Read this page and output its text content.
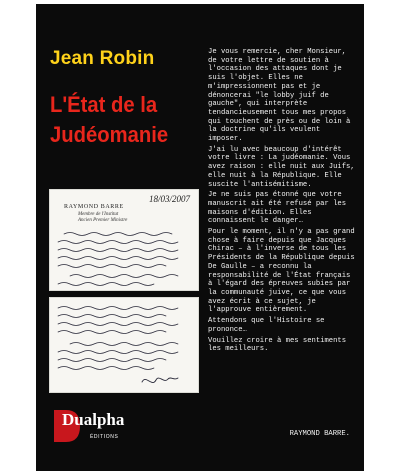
Jean Robin
L'État de la
Judéomanie
18/03/2007
RAYMOND BARRE
Membre de l'Institut
Ancien Premier Ministre
Dualpha
ÉDITIONS

Je vous remercie, cher Monsieur, de votre lettre de soutien à l'occasion des attaques dont je suis l'objet. Elles ne m'impressionnent pas et je dénoncerai "le lobby juif de gauche", qui interprète tendancieusement tous mes propos qui touchent de près ou de loin à la doctrine qu'ils veulent imposer.

J'ai lu avec beaucoup d'intérêt votre livre : La judéomanie. Vous avez raison : elle nuit aux Juifs, elle nuit à la République. Elle suscite l'antisémitisme.

Je ne suis pas étonné que votre manuscrit ait été refusé par les maisons d'édition. Elles connaissent le danger…

Pour le moment, il n'y a pas grand chose à faire depuis que Jacques Chirac – à l'inverse de tous les Présidents de la République depuis De Gaulle – a reconnu la responsabilité de l'État français à l'égard des épreuves subies par la communauté juive, ce que vous avez écrit à ce sujet, je l'approuve entièrement.

Attendons que l'Histoire se prononce…

Vouillez croire à mes sentiments les meilleurs.

RAYMOND BARRE.
